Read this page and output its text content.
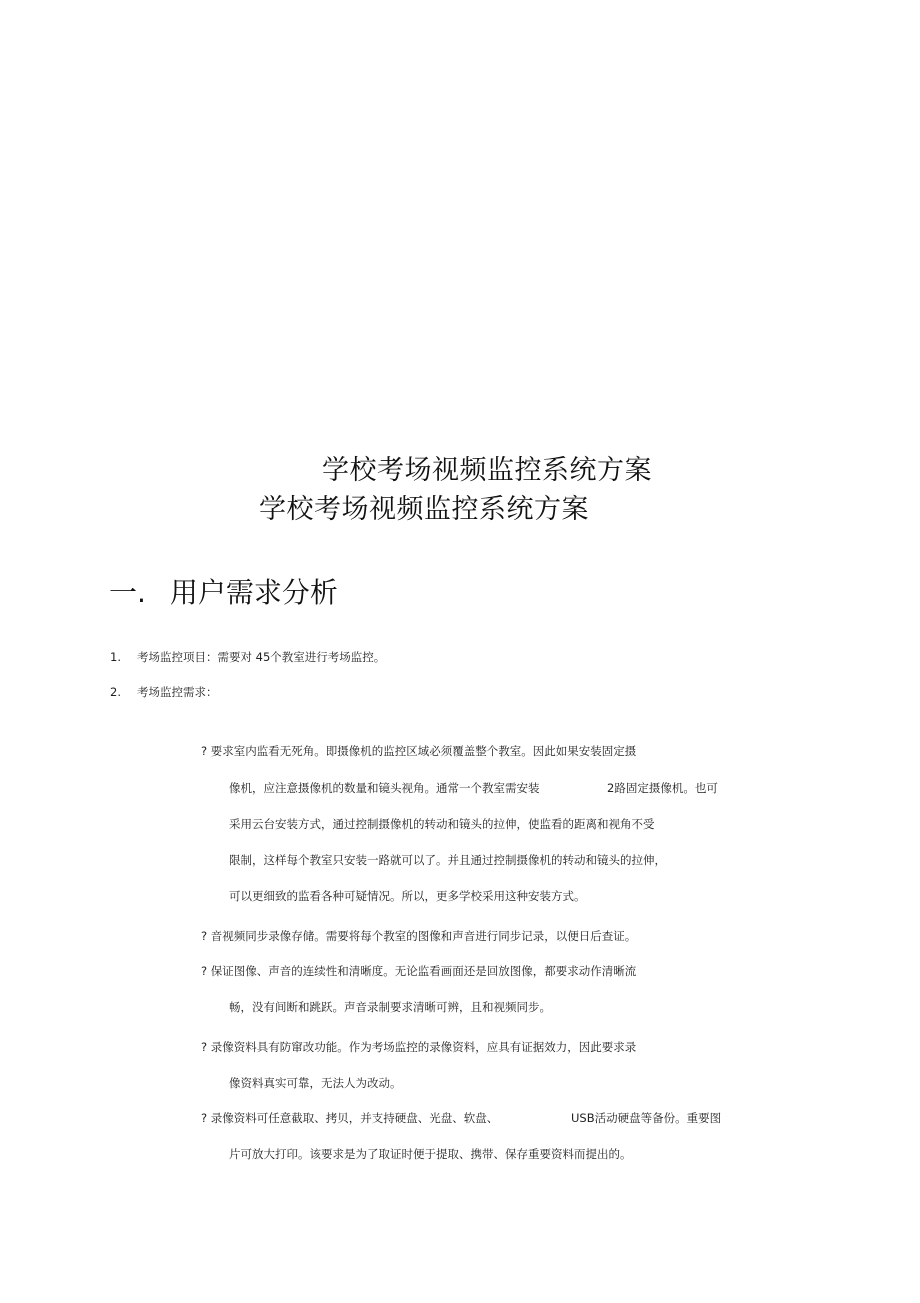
学校考场视频监控系统方案
学校考场视频监控系统方案
一. 用户需求分析
1. 考场监控项目：需要对 45个教室进行考场监控。
2. 考场监控需求：
? 要求室内监看无死角。即摄像机的监控区域必须覆盖整个教室。因此如果安装固定摄
像机，应注意摄像机的数量和镜头视角。通常一个教室需安装	2路固定摄像机。也可
采用云台安装方式，通过控制摄像机的转动和镜头的拉伸，使监看的距离和视角不受
限制，这样每个教室只安装一路就可以了。并且通过控制摄像机的转动和镜头的拉伸，
可以更细致的监看各种可疑情况。所以，更多学校采用这种安装方式。
? 音视频同步录像存储。需要将每个教室的图像和声音进行同步记录，以便日后查证。
? 保证图像、声音的连续性和清晰度。无论监看画面还是回放图像，都要求动作清晰流
畅，没有间断和跳跃。声音录制要求清晰可辨，且和视频同步。
? 录像资料具有防窜改功能。作为考场监控的录像资料，应具有证据效力，因此要求录
像资料真实可靠，无法人为改动。
? 录像资料可任意截取、拷贝，并支持硬盘、光盘、软盘、	USB活动硬盘等备份。重要图
片可放大打印。该要求是为了取证时便于提取、携带、保存重要资料而提出的。
